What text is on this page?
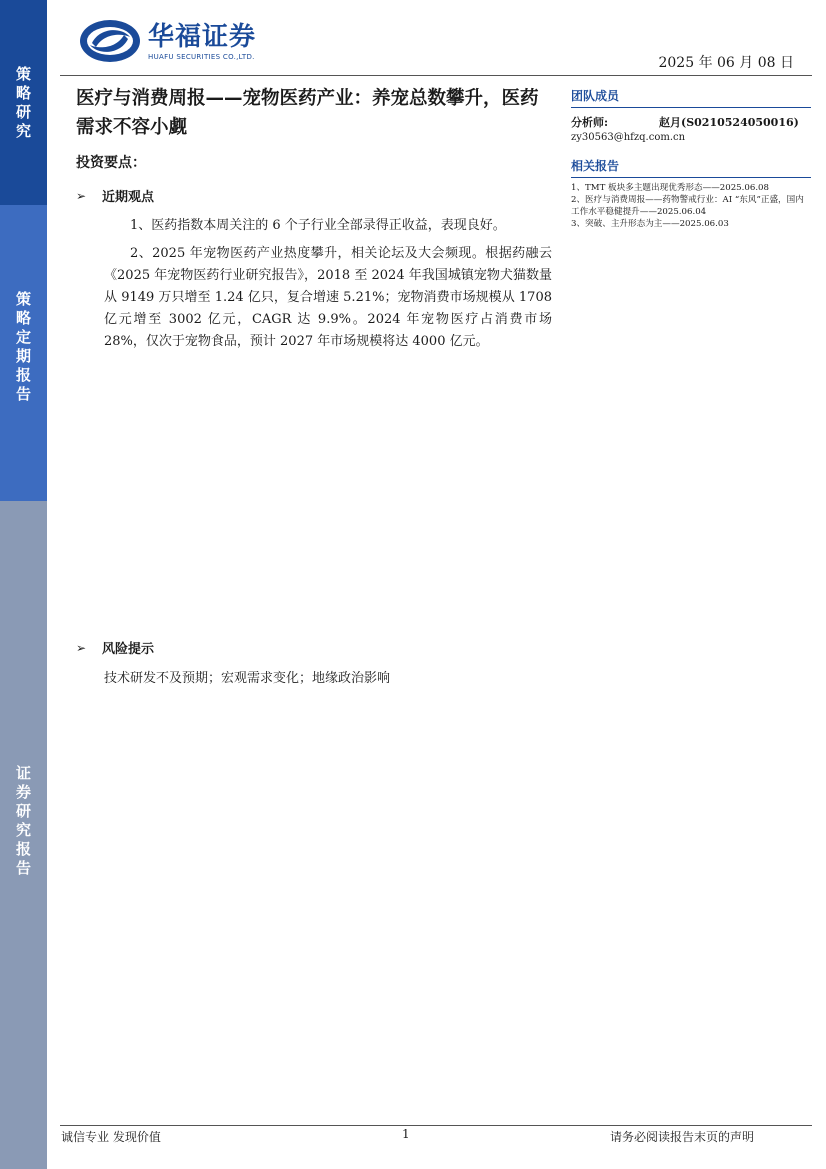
策略研究
策略定期报告
证券研究报告
华福证券
HUAFU SECURITIES CO.,LTD.	2025 年 06 月 08 日
医疗与消费周报——宠物医药产业：养宠总数攀升，医药需求不容小觑
投资要点：
➢	近期观点

1、医药指数本周关注的 6 个子行业全部录得正收益，表现良好。

2、2025 年宠物医药产业热度攀升，相关论坛及大会频现。根据药融云《2025 年宠物医药行业研究报告》，2018 至 2024 年我国城镇宠物犬猫数量从 9149 万只增至 1.24 亿只，复合增速 5.21%；宠物消费市场规模从 1708 亿元增至 3002 亿元，CAGR 达 9.9%。2024 年宠物医疗占消费市场 28%，仅次于宠物食品，预计 2027 年市场规模将达 4000 亿元。

➢	风险提示
技术研发不及预期；宏观需求变化；地缘政治影响
团队成员
分析师:	赵月(S0210524050016)
zy30563@hfzq.com.cn
相关报告
1、TMT 板块多主题出现优秀形态——2025.06.08
2、医疗与消费周报——药物警戒行业：AI “东风”正盛，国内工作水平稳健提升——2025.06.04
3、突破、主升形态为主——2025.06.03
诚信专业 发现价值	1	请务必阅读报告末页的声明
